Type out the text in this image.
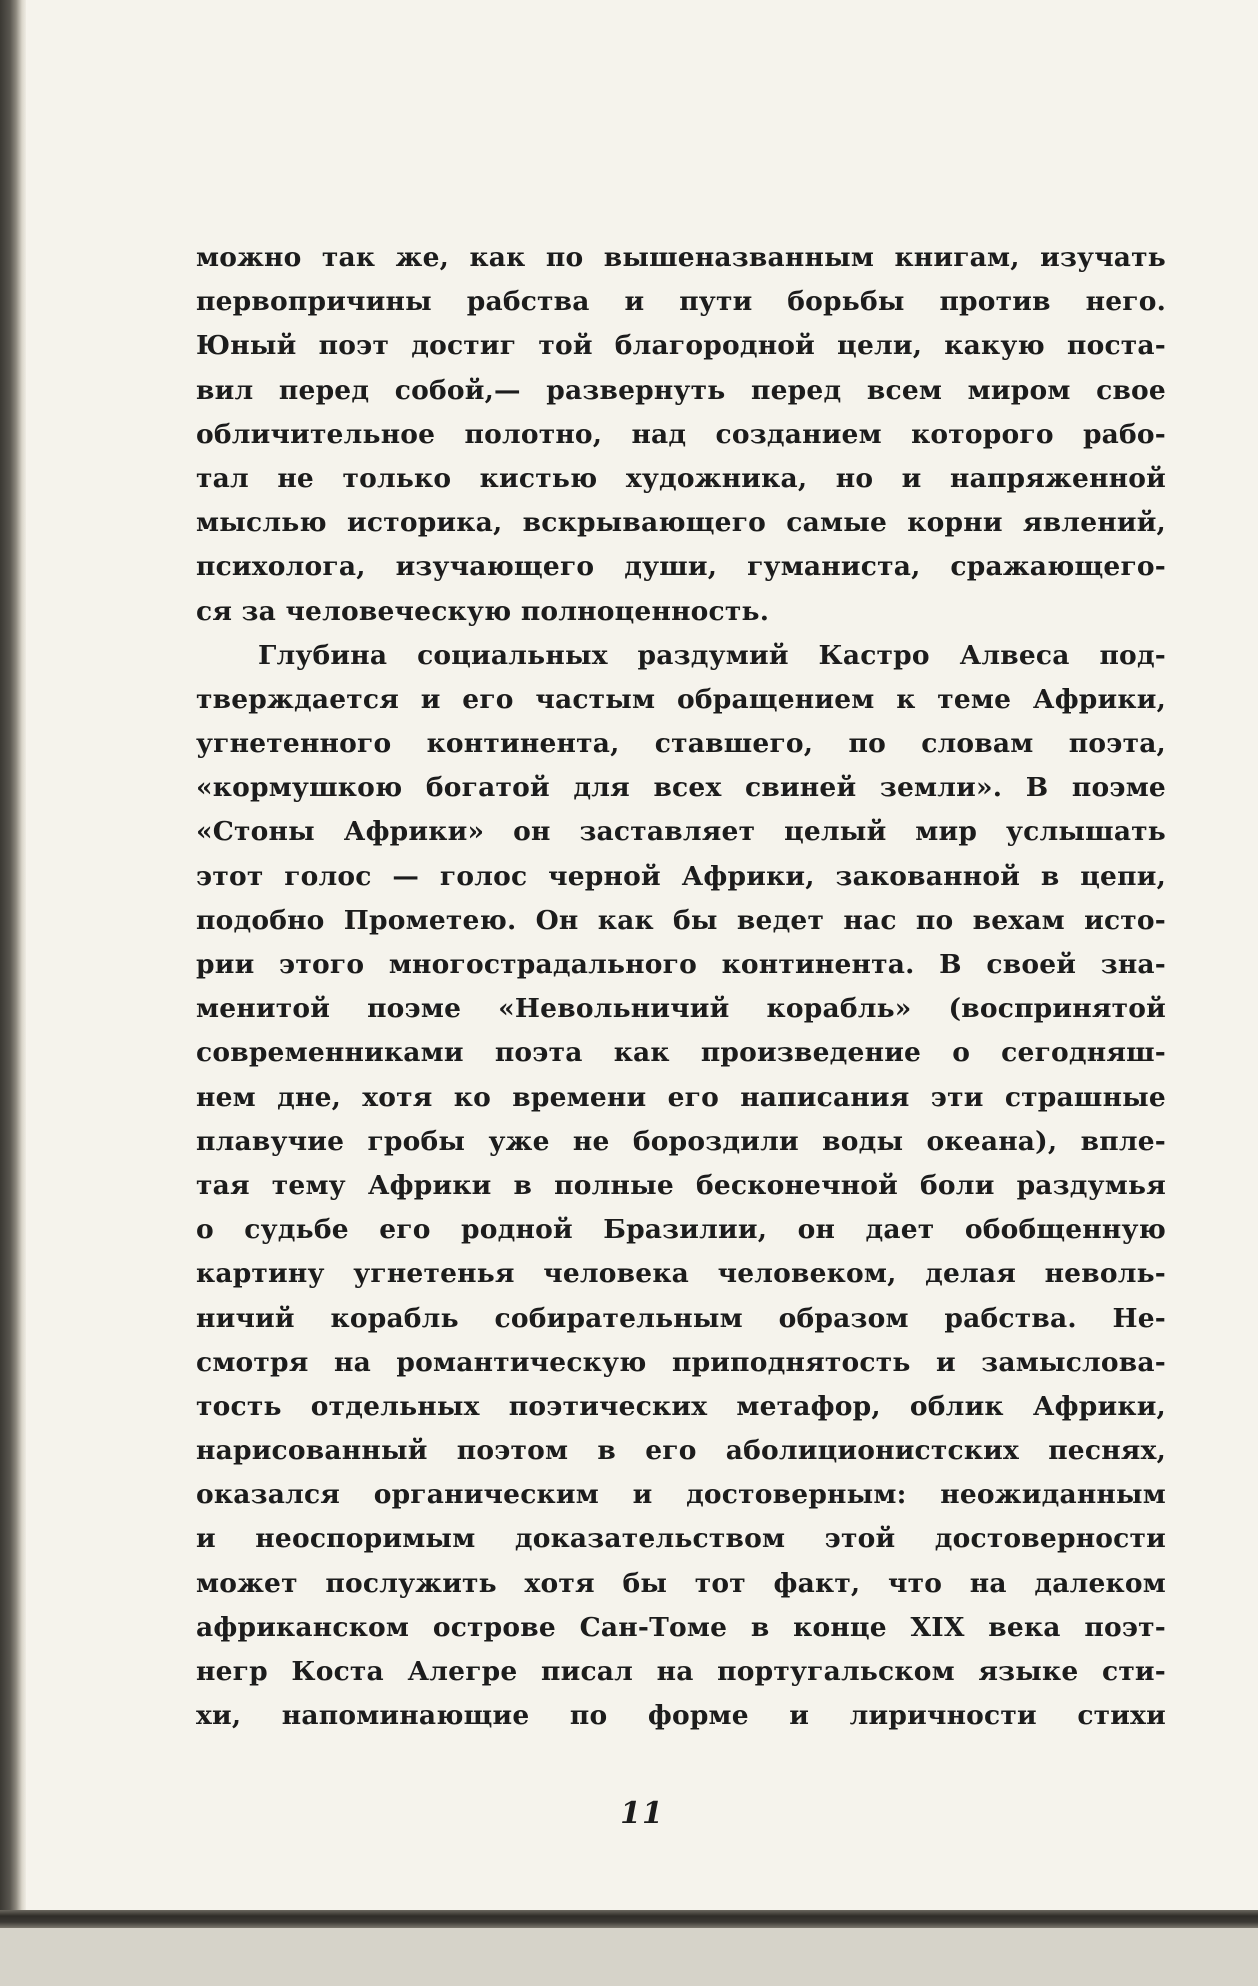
можно так же, как по вышеназванным книгам, изучать
первопричины рабства и пути борьбы против него.
Юный поэт достиг той благородной цели, какую поста-
вил перед собой,— развернуть перед всем миром свое
обличительное полотно, над созданием которого рабо-
тал не только кистью художника, но и напряженной
мыслью историка, вскрывающего самые корни явлений,
психолога, изучающего души, гуманиста, сражающего-
ся за человеческую полноценность.
Глубина социальных раздумий Кастро Алвеса под-
тверждается и его частым обращением к теме Африки,
угнетенного континента, ставшего, по словам поэта,
«кормушкою богатой для всех свиней земли». В поэме
«Стоны Африки» он заставляет целый мир услышать
этот голос — голос черной Африки, закованной в цепи,
подобно Прометею. Он как бы ведет нас по вехам исто-
рии этого многострадального континента. В своей зна-
менитой поэме «Невольничий корабль» (воспринятой
современниками поэта как произведение о сегодняш-
нем дне, хотя ко времени его написания эти страшные
плавучие гробы уже не бороздили воды океана), впле-
тая тему Африки в полные бесконечной боли раздумья
о судьбе его родной Бразилии, он дает обобщенную
картину угнетенья человека человеком, делая неволь-
ничий корабль собирательным образом рабства. Не-
смотря на романтическую приподнятость и замыслова-
тость отдельных поэтических метафор, облик Африки,
нарисованный поэтом в его аболиционистских песнях,
оказался органическим и достоверным: неожиданным
и неоспоримым доказательством этой достоверности
может послужить хотя бы тот факт, что на далеком
африканском острове Сан-Томе в конце XIX века поэт-
негр Коста Алегре писал на португальском языке сти-
хи, напоминающие по форме и лиричности стихи
11
